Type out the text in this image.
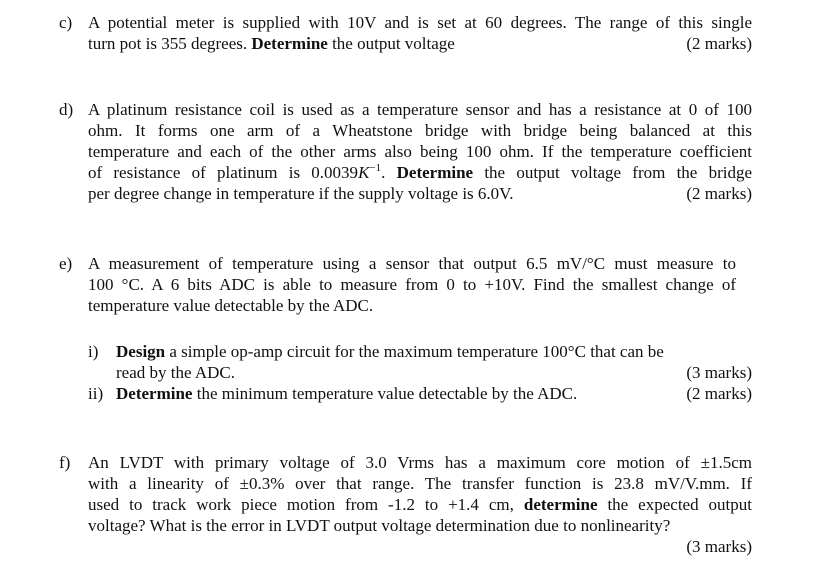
c) A potential meter is supplied with 10V and is set at 60 degrees. The range of this single
turn pot is 355 degrees. Determine the output voltage	(2 marks)
d) A platinum resistance coil is used as a temperature sensor and has a resistance at 0 of 100
ohm. It forms one arm of a Wheatstone bridge with bridge being balanced at this
temperature and each of the other arms also being 100 ohm. If the temperature coefficient
of resistance of platinum is $0.0039K^{-1}$. Determine the output voltage from the bridge
per degree change in temperature if the supply voltage is 6.0V.	(2 marks)
e) A measurement of temperature using a sensor that output 6.5 mV/°C must measure to
100 °C. A 6 bits ADC is able to measure from 0 to +10V. Find the smallest change of
temperature value detectable by the ADC.
i) Design a simple op-amp circuit for the maximum temperature 100°C that can be
read by the ADC.	(3 marks)
ii) Determine the minimum temperature value detectable by the ADC.	(2 marks)
f) An LVDT with primary voltage of 3.0 Vrms has a maximum core motion of ±1.5cm
with a linearity of ±0.3% over that range. The transfer function is 23.8 mV/V.mm. If
used to track work piece motion from -1.2 to +1.4 cm, determine the expected output
voltage? What is the error in LVDT output voltage determination due to nonlinearity?

(3 marks)
